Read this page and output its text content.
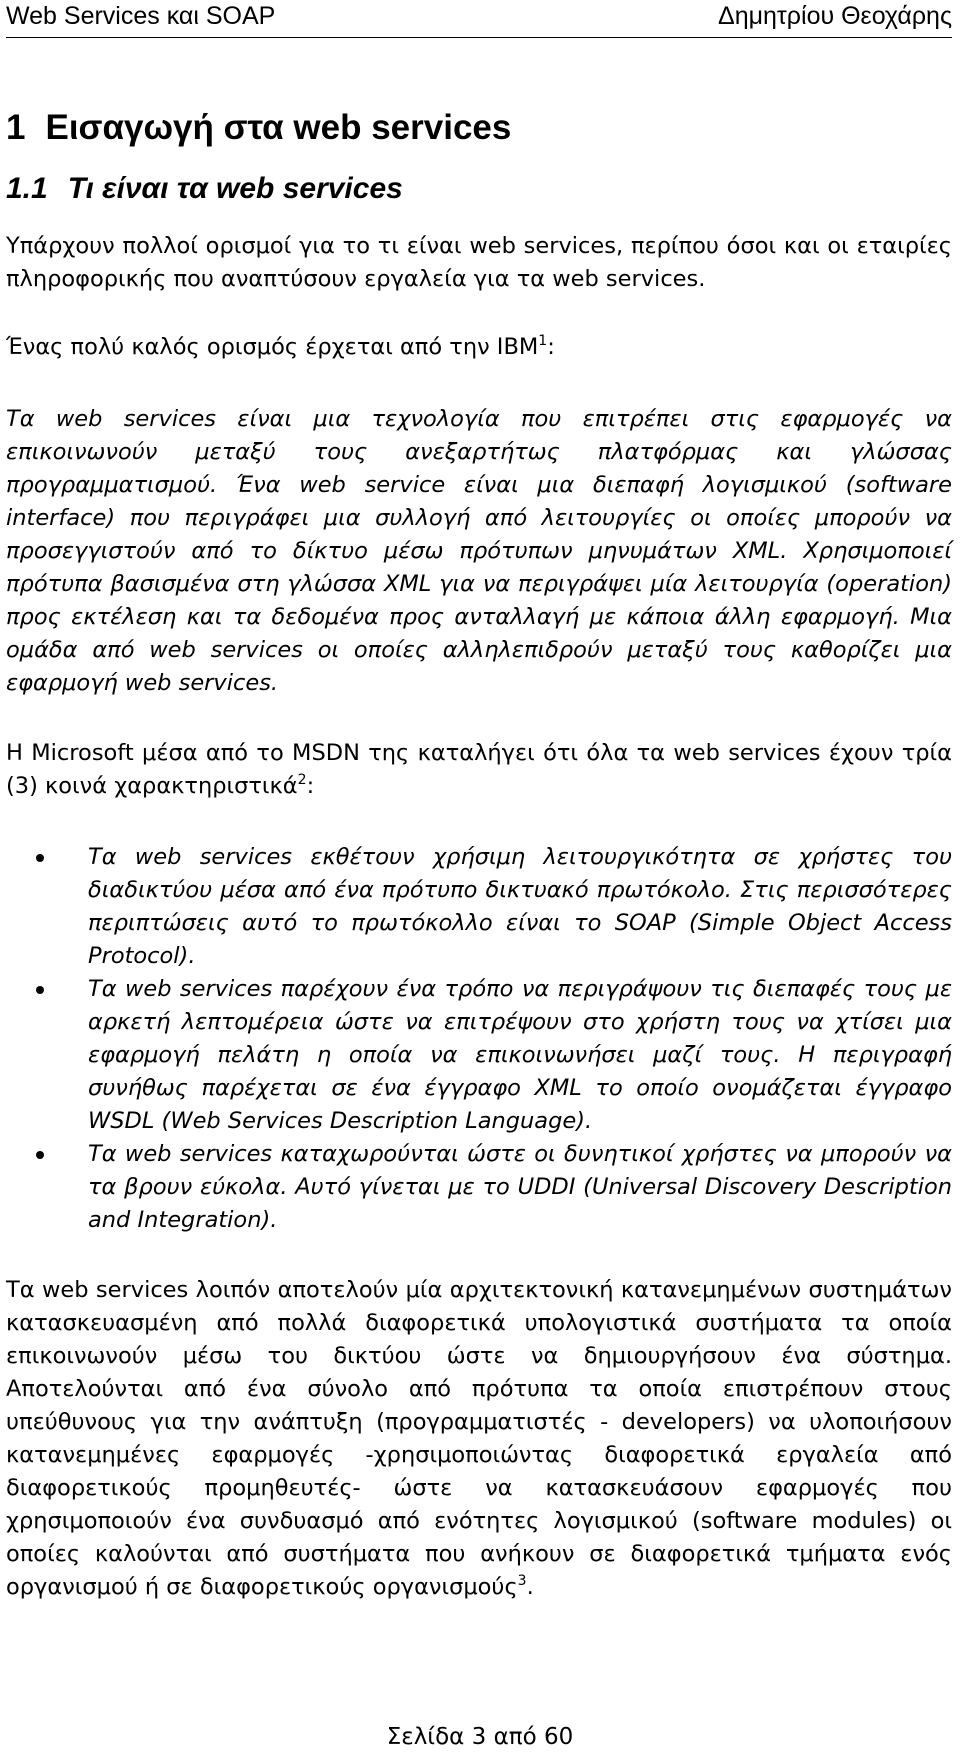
Web Services και SOAP	Δημητρίου Θεοχάρης
1 Εισαγωγή στα web services
1.1 Τι είναι τα web services

Υπάρχουν πολλοί ορισμοί για το τι είναι web services, περίπου όσοι και οι εταιρίες πληροφορικής που αναπτύσουν εργαλεία για τα web services.

Ένας πολύ καλός ορισμός έρχεται από την IBM$^1$:

Τα web services είναι μια τεχνολογία που επιτρέπει στις εφαρμογές να επικοινωνούν μεταξύ τους ανεξαρτήτως πλατφόρμας και γλώσσας προγραμματισμού. Ένα web service είναι μια διεπαφή λογισμικού (software interface) που περιγράφει μια συλλογή από λειτουργίες οι οποίες μπορούν να προσεγγιστούν από το δίκτυο μέσω πρότυπων μηνυμάτων XML. Χρησιμοποιεί πρότυπα βασισμένα στη γλώσσα XML για να περιγράψει μία λειτουργία (operation) προς εκτέλεση και τα δεδομένα προς ανταλλαγή με κάποια άλλη εφαρμογή. Μια ομάδα από web services οι οποίες αλληλεπιδρούν μεταξύ τους καθορίζει μια εφαρμογή web services.

Η Microsoft μέσα από το MSDN της καταλήγει ότι όλα τα web services έχουν τρία (3) κοινά χαρακτηριστικά$^2$:

Τα web services εκθέτουν χρήσιμη λειτουργικότητα σε χρήστες του διαδικτύου μέσα από ένα πρότυπο δικτυακό πρωτόκολο. Στις περισσότερες περιπτώσεις αυτό το πρωτόκολλο είναι το SOAP (Simple Object Access Protocol).
Τα web services παρέχουν ένα τρόπο να περιγράψουν τις διεπαφές τους με αρκετή λεπτομέρεια ώστε να επιτρέψουν στο χρήστη τους να χτίσει μια εφαρμογή πελάτη η οποία να επικοινωνήσει μαζί τους. Η περιγραφή συνήθως παρέχεται σε ένα έγγραφο XML το οποίο ονομάζεται έγγραφο WSDL (Web Services Description Language).
Τα web services καταχωρούνται ώστε οι δυνητικοί χρήστες να μπορούν να τα βρουν εύκολα. Αυτό γίνεται με το UDDI (Universal Discovery Description and Integration).

Τα web services λοιπόν αποτελούν μία αρχιτεκτονική κατανεμημένων συστημάτων κατασκευασμένη από πολλά διαφορετικά υπολογιστικά συστήματα τα οποία επικοινωνούν μέσω του δικτύου ώστε να δημιουργήσουν ένα σύστημα. Αποτελούνται από ένα σύνολο από πρότυπα τα οποία επιστρέπουν στους υπεύθυνους για την ανάπτυξη (προγραμματιστές - developers) να υλοποιήσουν κατανεμημένες εφαρμογές -χρησιμοποιώντας διαφορετικά εργαλεία από διαφορετικούς προμηθευτές- ώστε να κατασκευάσουν εφαρμογές που χρησιμοποιούν ένα συνδυασμό από ενότητες λογισμικού (software modules) οι οποίες καλούνται από συστήματα που ανήκουν σε διαφορετικά τμήματα ενός οργανισμού ή σε διαφορετικούς οργανισμούς$^3$.

Σελίδα 3 από 60
